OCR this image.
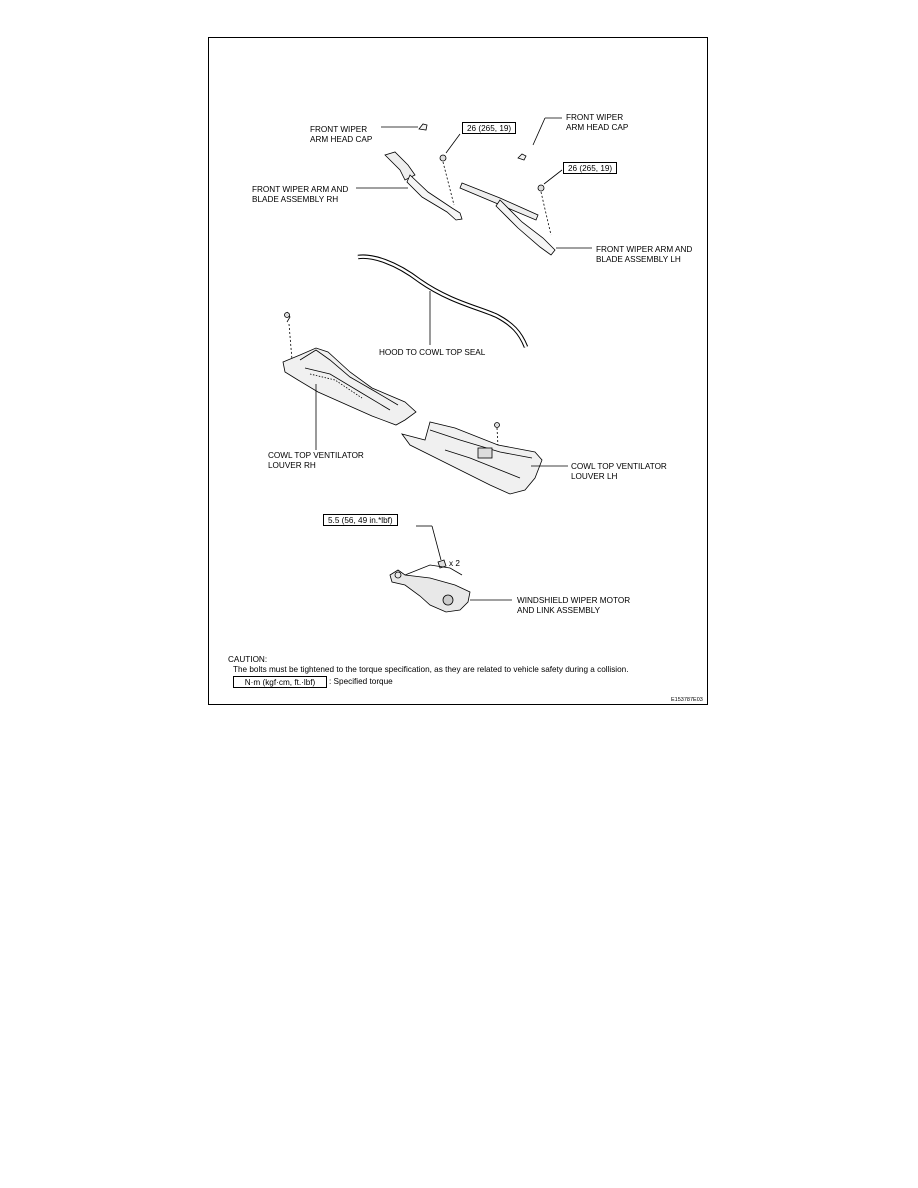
FRONT WIPER
ARM HEAD CAP
26 (265, 19)
FRONT WIPER
ARM HEAD CAP
26 (265, 19)
FRONT WIPER ARM AND
BLADE ASSEMBLY RH
FRONT WIPER ARM AND
BLADE ASSEMBLY LH
HOOD TO COWL TOP SEAL
COWL TOP VENTILATOR
LOUVER RH	COWL TOP VENTILATOR
LOUVER LH
5.5 (56, 49 in.*lbf)
x 2
WINDSHIELD WIPER MOTOR
AND LINK ASSEMBLY
CAUTION:
The bolts must be tightened to the torque specification, as they are related to vehicle safety during a collision.
N·m (kgf·cm, ft.·lbf)	: Specified torque
E153787E03
